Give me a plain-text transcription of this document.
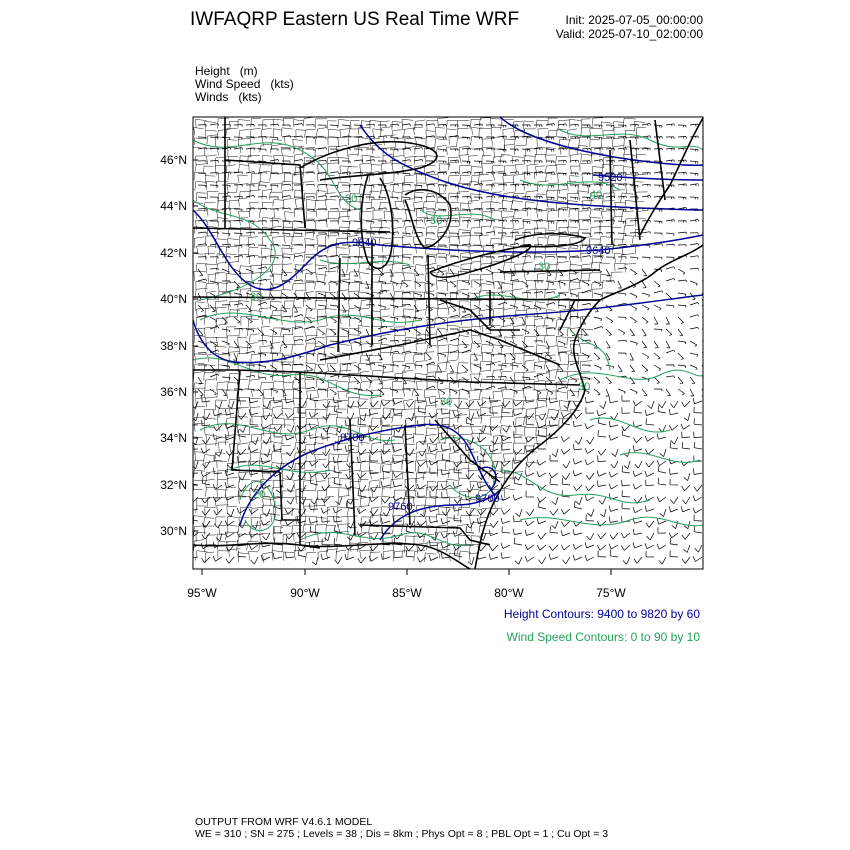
IWFAQRP Eastern US Real Time WRF	Init: 2025-07-05_00:00:00
Valid: 2025-07-10_02:00:00
Height (m)
Wind Speed (kts)
Winds (kts)
9520
9640
9640
9700
9700
9760
20
30
40
30
30
30
30
20
46°N
44°N
42°N
40°N
38°N
36°N
34°N
32°N
30°N
95°W	90°W	85°W	80°W	75°W
Height Contours: 9400 to 9820 by 60
Wind Speed Contours: 0 to 90 by 10
OUTPUT FROM WRF V4.6.1 MODEL
WE = 310 ; SN = 275 ; Levels = 38 ; Dis = 8km ; Phys Opt = 8 ; PBL Opt = 1 ; Cu Opt = 3
